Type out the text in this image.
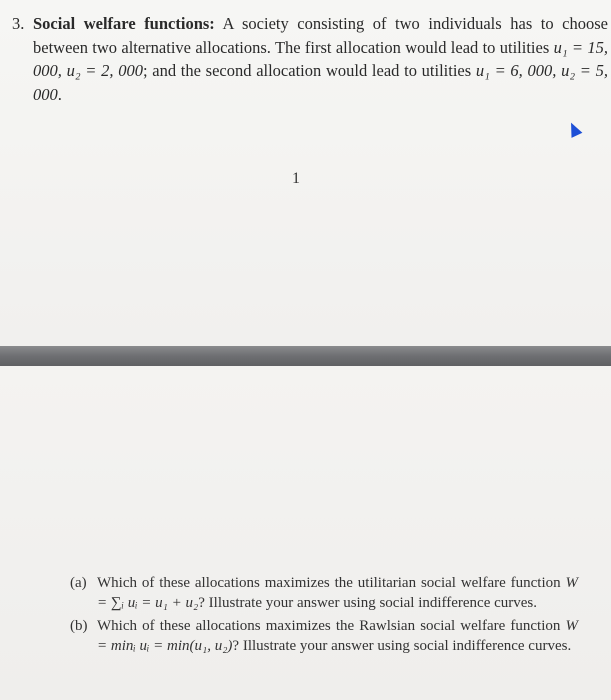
3. Social welfare functions: A society consisting of two individuals has to choose between two alternative allocations. The first allocation would lead to utilities u₁ = 15, 000, u₂ = 2, 000; and the second allocation would lead to utilities u₁ = 6, 000, u₂ = 5, 000.
1
(a) Which of these allocations maximizes the utilitarian social welfare function W = ∑ᵢ uᵢ = u₁ + u₂? Illustrate your answer using social indifference curves.
(b) Which of these allocations maximizes the Rawlsian social welfare function W = minᵢ uᵢ = min(u₁, u₂)? Illustrate your answer using social indifference curves.
